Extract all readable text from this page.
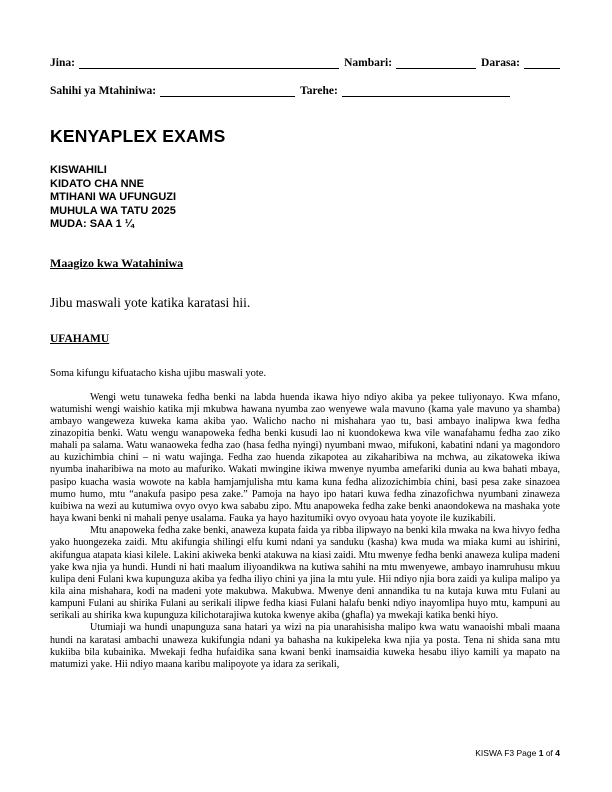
Jina:	Nambari:	Darasa:
Sahihi ya Mtahiniwa:	Tarehe:
KENYAPLEX EXAMS
KISWAHILI
KIDATO CHA NNE
MTIHANI WA UFUNGUZI
MUHULA WA TATU 2025
MUDA: SAA 1 ¼
Maagizo kwa Watahiniwa
Jibu maswali yote katika karatasi hii.
UFAHAMU
Soma kifungu kifuatacho kisha ujibu maswali yote.

Wengi wetu tunaweka fedha benki na labda huenda ikawa hiyo ndiyo akiba ya pekee tuliyonayo. Kwa mfano, watumishi wengi waishio katika mji mkubwa hawana nyumba zao wenyewe wala mavuno (kama yale mavuno ya shamba) ambayo wangeweza kuweka kama akiba yao. Walicho nacho ni mishahara yao tu, basi ambayo inalipwa kwa fedha zinazopitia benki. Watu wengu wanapoweka fedha benki kusudi lao ni kuondokewa kwa vile wanafahamu fedha zao ziko mahali pa salama. Watu wanaoweka fedha zao (hasa fedha nyingi) nyumbani mwao, mifukoni, kabatini ndani ya magondoro au kuzichimbia chini – ni watu wajinga. Fedha zao huenda zikapotea au zikaharibiwa na mchwa, au zikatoweka ikiwa nyumba inaharibiwa na moto au mafuriko. Wakati mwingine ikiwa mwenye nyumba amefariki dunia au kwa bahati mbaya, pasipo kuacha wasia wowote na kabla hamjamjulisha mtu kama kuna fedha alizozichimbia chini, basi pesa zake sinazoea mumo humo, mtu “anakufa pasipo pesa zake.” Pamoja na hayo ipo hatari kuwa fedha zinazofichwa nyumbani zinaweza kuibiwa na wezi au kutumiwa ovyo ovyo kwa sababu zipo. Mtu anapoweka fedha zake benki anaondokewa na mashaka yote haya kwani benki ni mahali penye usalama. Fauka ya hayo hazitumiki ovyo ovyoau hata yoyote ile kuzikabili.

Mtu anapoweka fedha zake benki, anaweza kupata faida ya ribba ilipwayo na benki kila mwaka na kwa hivyo fedha yako huongezeka zaidi. Mtu akifungia shilingi elfu kumi ndani ya sanduku (kasha) kwa muda wa miaka kumi au ishirini, akifungua atapata kiasi kilele. Lakini akiweka benki atakuwa na kiasi zaidi. Mtu mwenye fedha benki anaweza kulipa madeni yake kwa njia ya hundi. Hundi ni hati maalum iliyoandikwa na kutiwa sahihi na mtu mwenyewe, ambayo inamruhusu mkuu kulipa deni Fulani kwa kupunguza akiba ya fedha iliyo chini ya jina la mtu yule. Hii ndiyo njia bora zaidi ya kulipa malipo ya kila aina mishahara, kodi na madeni yote makubwa. Makubwa. Mwenye deni annandika tu na kutaja kuwa mtu Fulani au kampuni Fulani au shirika Fulani au serikali ilipwe fedha kiasi Fulani halafu benki ndiyo inayomlipa huyo mtu, kampuni au serikali au shirika kwa kupunguza kilichotarajiwa kutoka kwenye akiba (ghafla) ya mwekaji katika benki hiyo.

Utumiaji wa hundi unapunguza sana hatari ya wizi na pia unarahisisha malipo kwa watu wanaoishi mbali maana hundi na karatasi ambachi unaweza kukifungia ndani ya bahasha na kukipeleka kwa njia ya posta. Tena ni shida sana mtu kukiiba bila kubainika. Mwekaji fedha hufaidika sana kwani benki inamsaidia kuweka hesabu iliyo kamili ya mapato na matumizi yake. Hii ndiyo maana karibu malipoyote ya idara za serikali,

KISWA F3 Page 1 of 4
